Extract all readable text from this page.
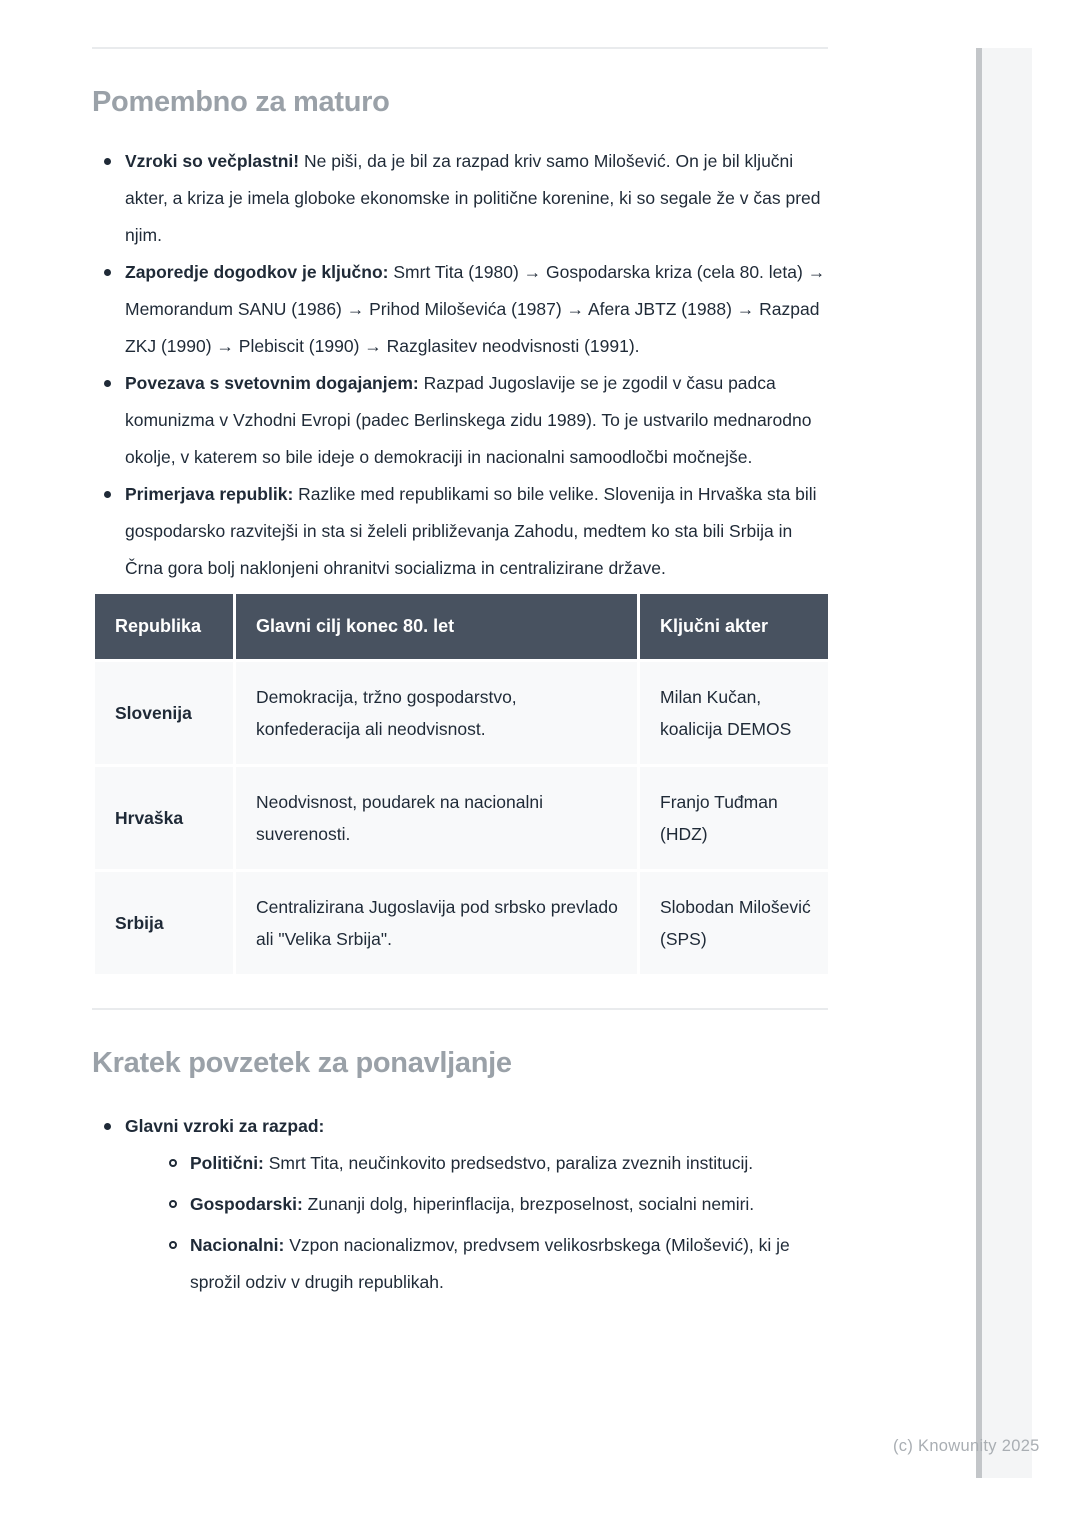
Pomembno za maturo
Vzroki so večplastni! Ne piši, da je bil za razpad kriv samo Milošević. On je bil ključni akter, a kriza je imela globoke ekonomske in politične korenine, ki so segale že v čas pred njim.
Zaporedje dogodkov je ključno: Smrt Tita (1980) → Gospodarska kriza (cela 80. leta) → Memorandum SANU (1986) → Prihod Miloševića (1987) → Afera JBTZ (1988) → Razpad ZKJ (1990) → Plebiscit (1990) → Razglasitev neodvisnosti (1991).
Povezava s svetovnim dogajanjem: Razpad Jugoslavije se je zgodil v času padca komunizma v Vzhodni Evropi (padec Berlinskega zidu 1989). To je ustvarilo mednarodno okolje, v katerem so bile ideje o demokraciji in nacionalni samoodločbi močnejše.
Primerjava republik: Razlike med republikami so bile velike. Slovenija in Hrvaška sta bili gospodarsko razvitejši in sta si želeli približevanja Zahodu, medtem ko sta bili Srbija in Črna gora bolj naklonjeni ohranitvi socializma in centralizirane države.
Republika	Glavni cilj konec 80. let	Ključni akter
Slovenija	Demokracija, tržno gospodarstvo, konfederacija ali neodvisnost.	Milan Kučan, koalicija DEMOS
Hrvaška	Neodvisnost, poudarek na nacionalni suverenosti.	Franjo Tuđman (HDZ)
Srbija	Centralizirana Jugoslavija pod srbsko prevlado ali "Velika Srbija".	Slobodan Milošević (SPS)
Kratek povzetek za ponavljanje
Glavni vzroki za razpad:
Politični: Smrt Tita, neučinkovito predsedstvo, paraliza zveznih institucij.
Gospodarski: Zunanji dolg, hiperinflacija, brezposelnost, socialni nemiri.
Nacionalni: Vzpon nacionalizmov, predvsem velikosrbskega (Milošević), ki je sprožil odziv v drugih republikah.
(c) Knowunity 2025
